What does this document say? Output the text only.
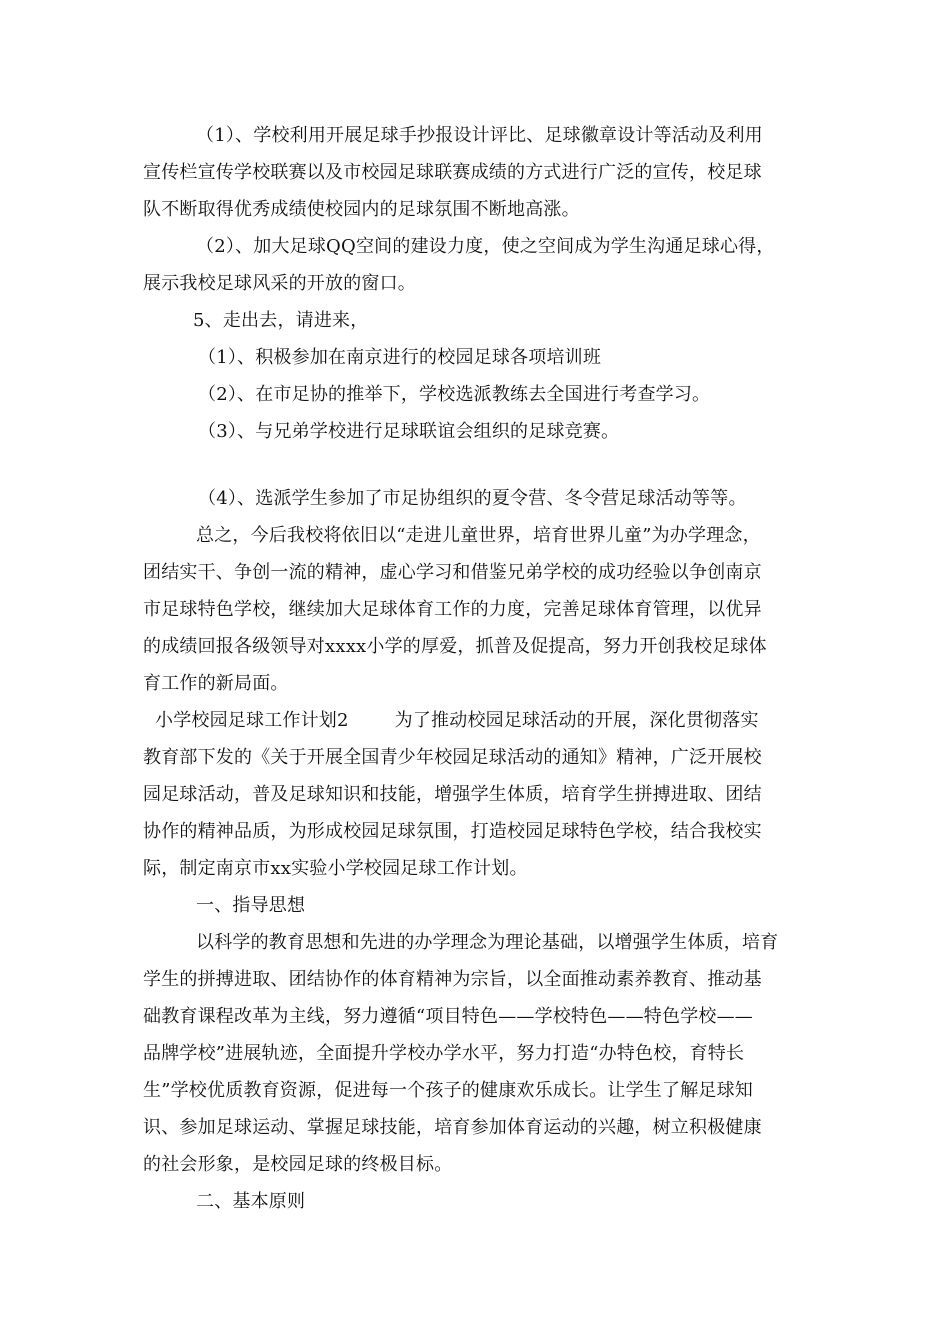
（1）、学校利用开展足球手抄报设计评比、足球徽章设计等活动及利用
宣传栏宣传学校联赛以及市校园足球联赛成绩的方式进行广泛的宣传，校足球
队不断取得优秀成绩使校园内的足球氛围不断地高涨。
（2）、加大足球QQ空间的建设力度，使之空间成为学生沟通足球心得，
展示我校足球风采的开放的窗口。
5、走出去，请进来，
（1）、积极参加在南京进行的校园足球各项培训班
（2）、在市足协的推举下，学校选派教练去全国进行考查学习。
（3）、与兄弟学校进行足球联谊会组织的足球竞赛。
（4）、选派学生参加了市足协组织的夏令营、冬令营足球活动等等。
总之，今后我校将依旧以“走进儿童世界，培育世界儿童”为办学理念，
团结实干、争创一流的精神，虚心学习和借鉴兄弟学校的成功经验以争创南京
市足球特色学校，继续加大足球体育工作的力度，完善足球体育管理，以优异
的成绩回报各级领导对xxxx小学的厚爱，抓普及促提高，努力开创我校足球体
育工作的新局面。
小学校园足球工作计划2	为了推动校园足球活动的开展，深化贯彻落实
教育部下发的《关于开展全国青少年校园足球活动的通知》精神，广泛开展校
园足球活动，普及足球知识和技能，增强学生体质，培育学生拼搏进取、团结
协作的精神品质，为形成校园足球氛围，打造校园足球特色学校，结合我校实
际，制定南京市xx实验小学校园足球工作计划。
一、指导思想
以科学的教育思想和先进的办学理念为理论基础，以增强学生体质，培育
学生的拼搏进取、团结协作的体育精神为宗旨，以全面推动素养教育、推动基
础教育课程改革为主线，努力遵循“项目特色——学校特色——特色学校——
品牌学校”进展轨迹，全面提升学校办学水平，努力打造“办特色校，育特长
生”学校优质教育资源，促进每一个孩子的健康欢乐成长。让学生了解足球知
识、参加足球运动、掌握足球技能，培育参加体育运动的兴趣，树立积极健康
的社会形象，是校园足球的终极目标。
二、基本原则
